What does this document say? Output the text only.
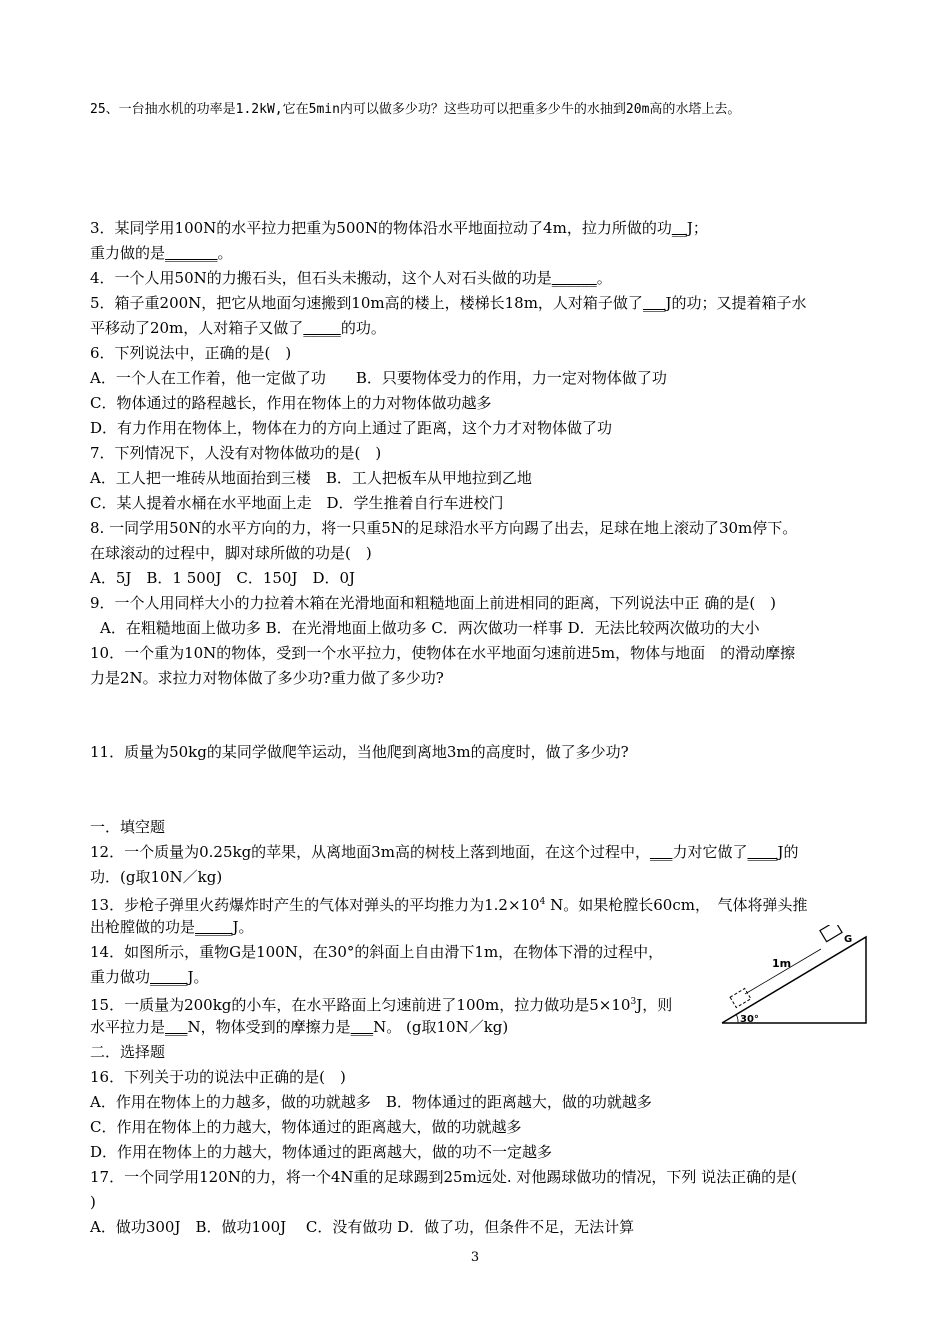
25、一台抽水机的功率是1.2kW,它在5min内可以做多少功？这些功可以把重多少牛的水抽到20m高的水塔上去。
3．某同学用100N的水平拉力把重为500N的物体沿水平地面拉动了4m，拉力所做的功__J；
重力做的是_______。
4．一个人用50N的力搬石头，但石头未搬动，这个人对石头做的功是______。
5．箱子重200N，把它从地面匀速搬到10m高的楼上，楼梯长18m，人对箱子做了___J的功；又提着箱子水
平移动了20m，人对箱子又做了_____的功。
6．下列说法中，正确的是(　)
A．一个人在工作着，他一定做了功　　B．只要物体受力的作用，力一定对物体做了功
C．物体通过的路程越长，作用在物体上的力对物体做功越多
D．有力作用在物体上，物体在力的方向上通过了距离，这个力才对物体做了功
7．下列情况下，人没有对物体做功的是(　)
A．工人把一堆砖从地面抬到三楼　B．工人把板车从甲地拉到乙地
C．某人提着水桶在水平地面上走　D．学生推着自行车进校门
8. 一同学用50N的水平方向的力，将一只重5N的足球沿水平方向踢了出去，足球在地上滚动了30m停下。
在球滚动的过程中，脚对球所做的功是(　)
A．5J　B．1 500J　C．150J　D．0J
9．一个人用同样大小的力拉着木箱在光滑地面和粗糙地面上前进相同的距离，下列说法中正 确的是(　)
A．在粗糙地面上做功多 B．在光滑地面上做功多 C．两次做功一样事 D．无法比较两次做功的大小
10．一个重为10N的物体，受到一个水平拉力，使物体在水平地面匀速前进5m，物体与地面　的滑动摩擦
力是2N。求拉力对物体做了多少功?重力做了多少功?
11．质量为50kg的某同学做爬竿运动，当他爬到离地3m的高度时，做了多少功?
一．填空题
12．一个质量为0.25kg的苹果，从离地面3m高的树枝上落到地面，在这个过程中，___力对它做了____J的
功．(g取10N／kg)
13．步枪子弹里火药爆炸时产生的气体对弹头的平均推力为$1.2\times 10^4$ N。如果枪膛长60cm，　气体将弹头推
出枪膛做的功是_____J。
14．如图所示，重物G是100N，在30°的斜面上自由滑下1m，在物体下滑的过程中，
重力做功_____J。
15．一质量为200kg的小车，在水平路面上匀速前进了100m，拉力做功是$5\times 10^3J$，则
水平拉力是___N，物体受到的摩擦力是___N。 (g取10N／kg)
二．选择题
16．下列关于功的说法中正确的是(　)
A．作用在物体上的力越多，做的功就越多　B．物体通过的距离越大，做的功就越多
C．作用在物体上的力越大，物体通过的距离越大，做的功就越多
D．作用在物体上的力越大，物体通过的距离越大，做的功不一定越多
17．一个同学用120N的力，将一个4N重的足球踢到25m远处. 对他踢球做功的情况，下列 说法正确的是(
)
A．做功300J　B．做功100J　 C．没有做功 D．做了功，但条件不足，无法计算
1m
30°
G
3
